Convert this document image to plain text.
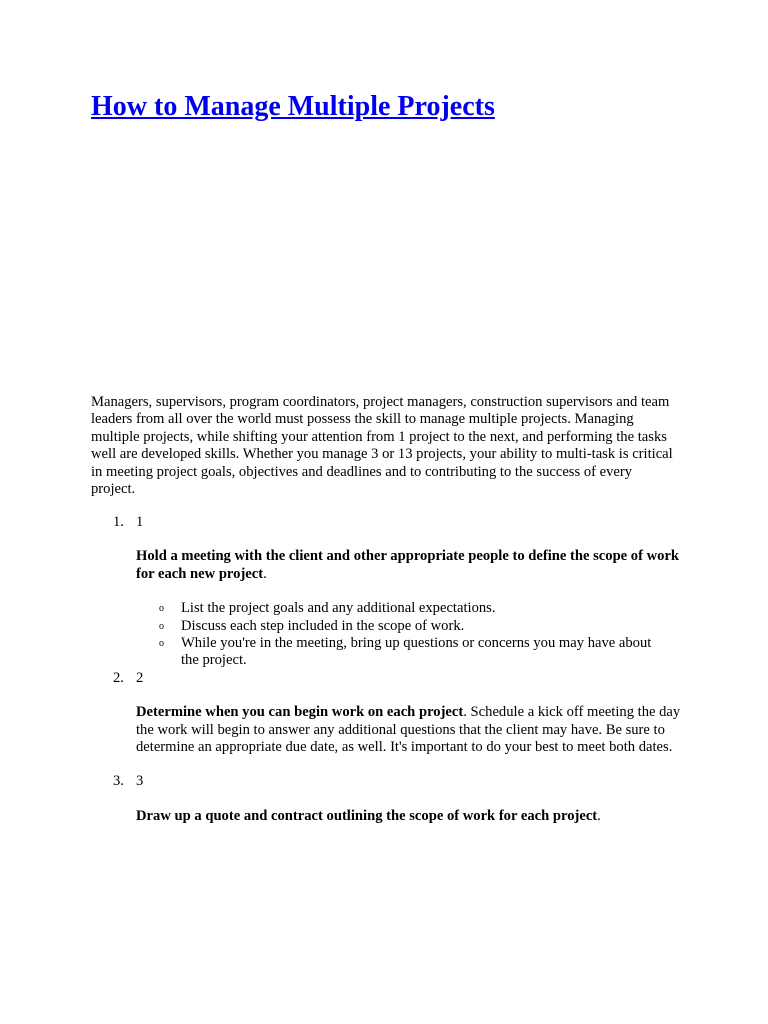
How to Manage Multiple Projects

Managers, supervisors, program coordinators, project managers, construction supervisors and team leaders from all over the world must possess the skill to manage multiple projects. Managing multiple projects, while shifting your attention from 1 project to the next, and performing the tasks well are developed skills. Whether you manage 3 or 13 projects, your ability to multi-task is critical in meeting project goals, objectives and deadlines and to contributing to the success of every project.

1. 1

Hold a meeting with the client and other appropriate people to define the scope of work for each new project.

o List the project goals and any additional expectations.
o Discuss each step included in the scope of work.
o While you're in the meeting, bring up questions or concerns you may have about the project.
2. 2

Determine when you can begin work on each project. Schedule a kick off meeting the day the work will begin to answer any additional questions that the client may have. Be sure to determine an appropriate due date, as well. It's important to do your best to meet both dates.

3. 3

Draw up a quote and contract outlining the scope of work for each project.
